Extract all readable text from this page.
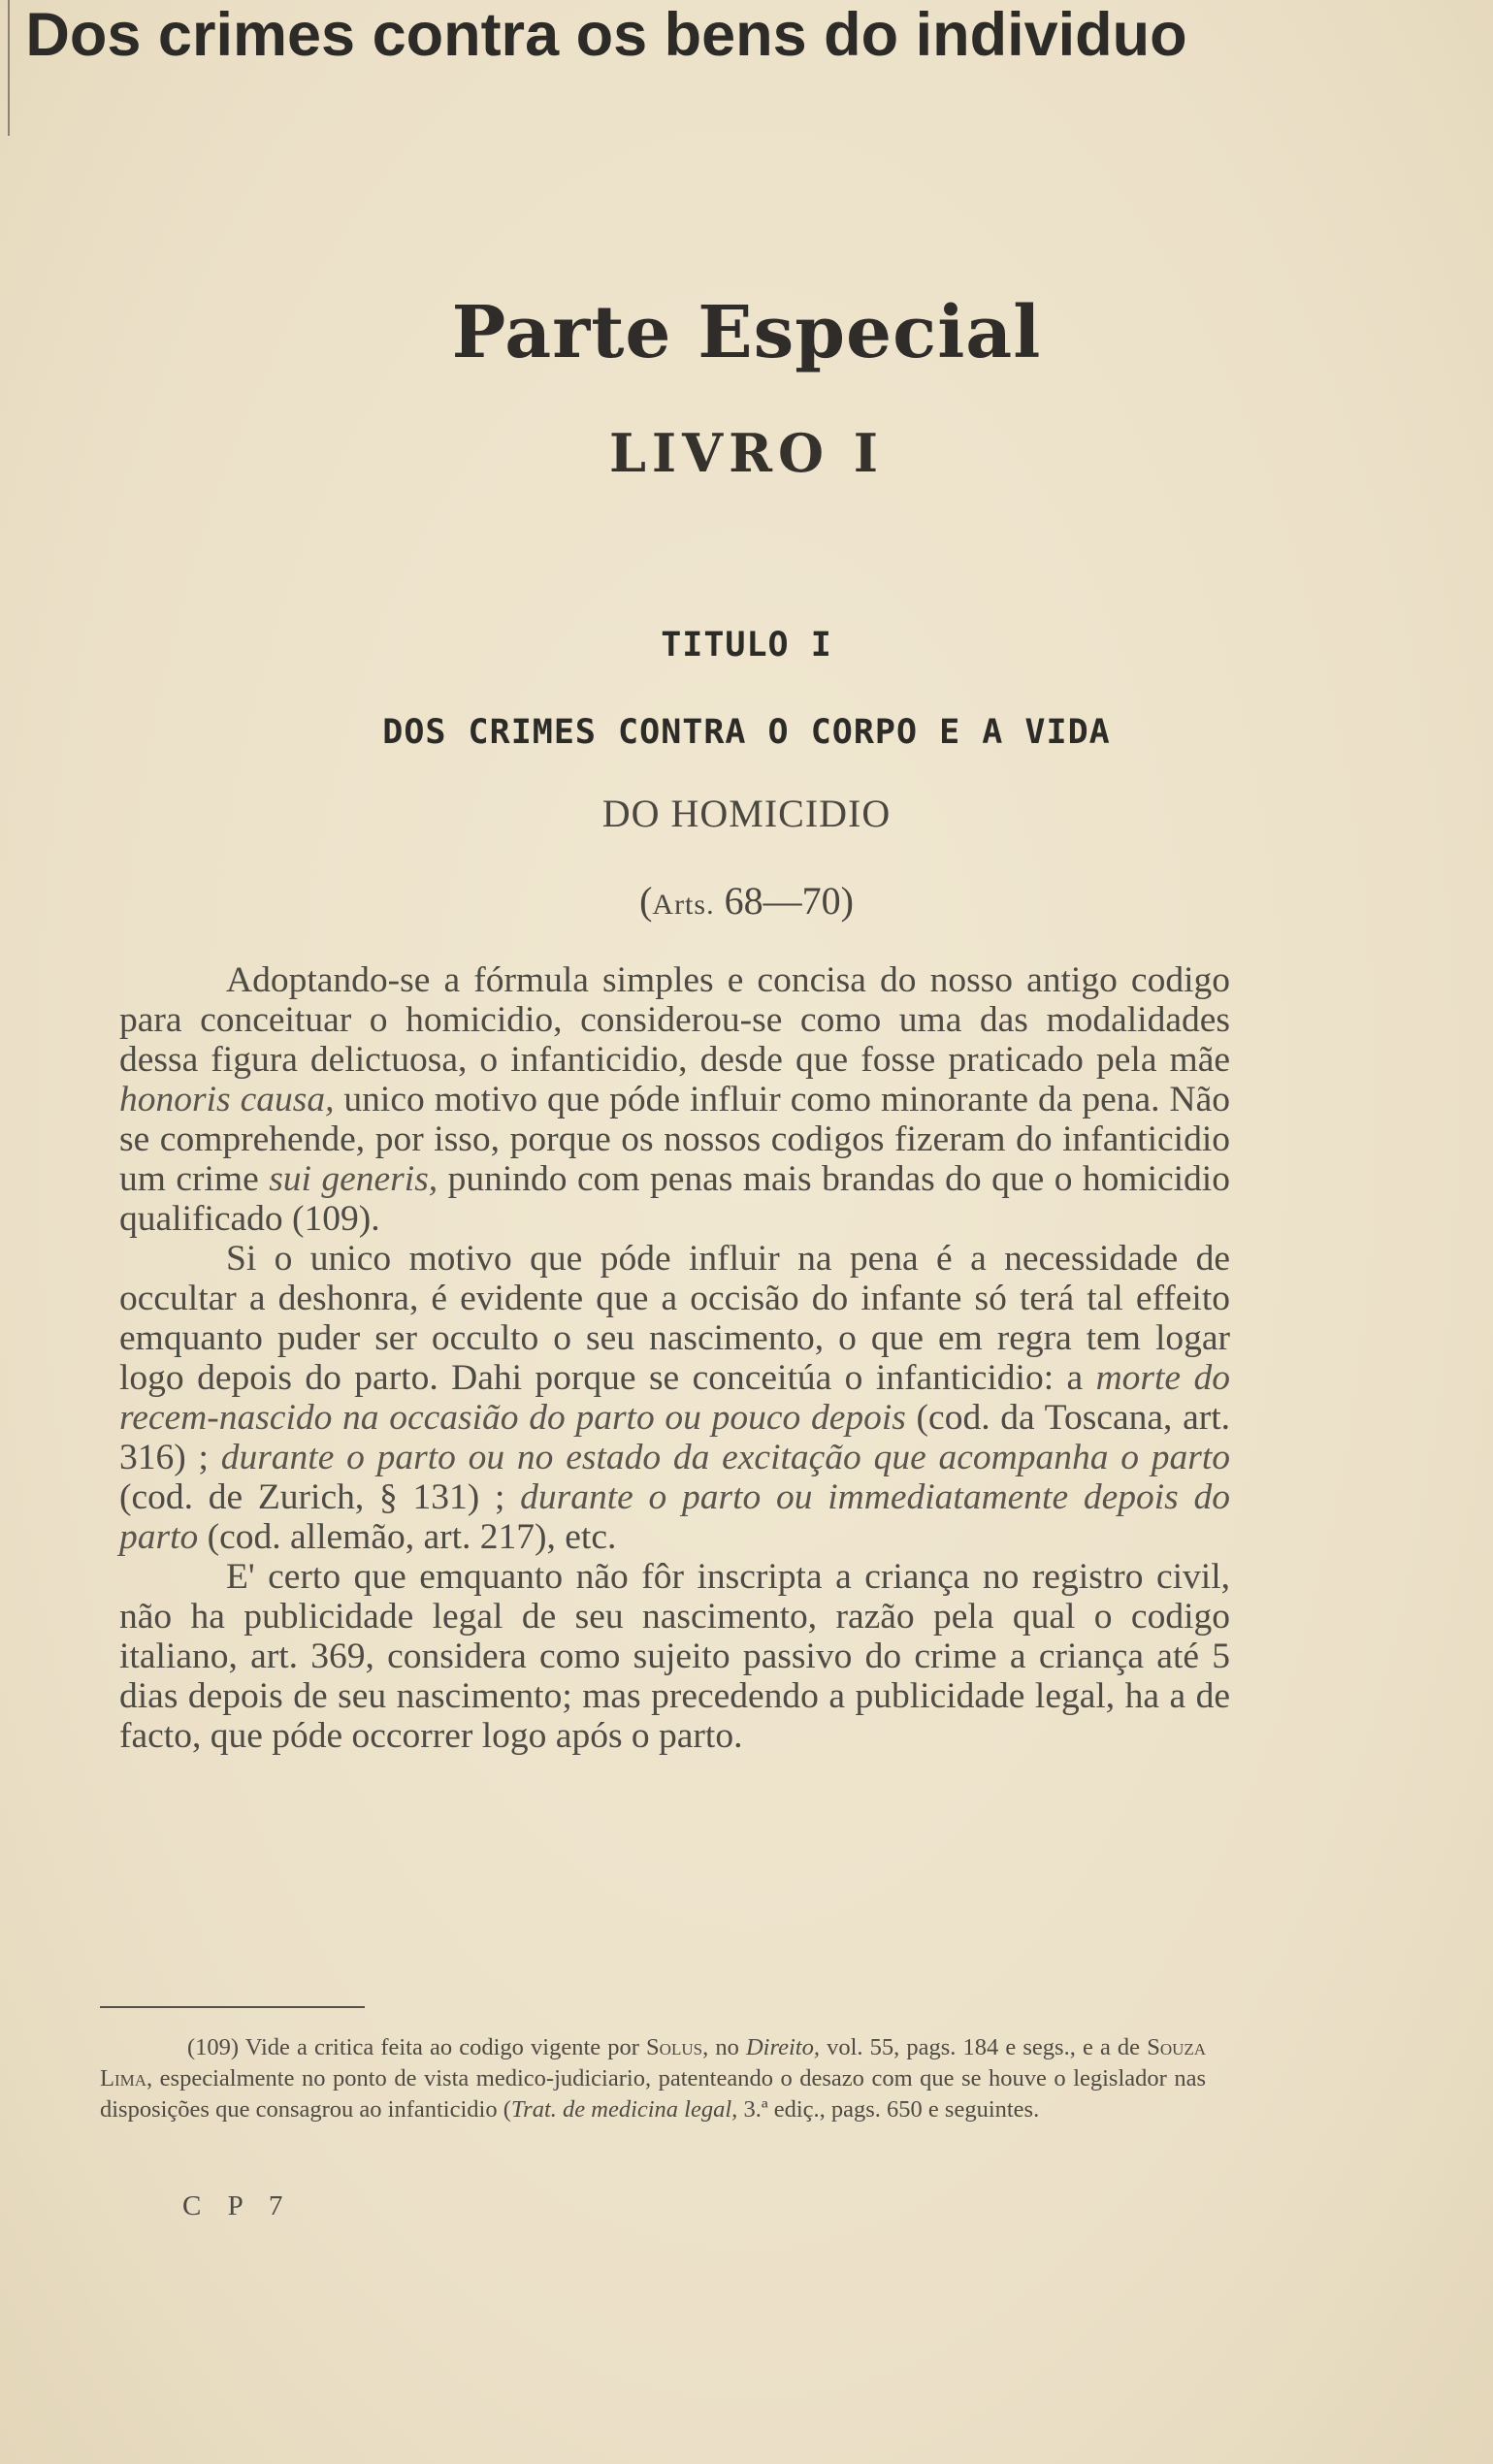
Parte Especial
LIVRO I
Dos crimes contra os bens do individuo
TITULO I
DOS CRIMES CONTRA O CORPO E A VIDA
DO HOMICIDIO
(Arts. 68—70)

Adoptando-se a fórmula simples e concisa do nosso antigo codigo para conceituar o homicidio, considerou-se como uma das modalidades dessa figura delictuosa, o infanticidio, desde que fosse praticado pela mãe honoris causa, unico motivo que póde influir como minorante da pena. Não se comprehende, por isso, porque os nossos codigos fizeram do infanticidio um crime sui generis, punindo com penas mais brandas do que o homicidio qualificado (109).

Si o unico motivo que póde influir na pena é a necessidade de occultar a deshonra, é evidente que a occisão do infante só terá tal effeito emquanto puder ser occulto o seu nascimento, o que em regra tem logar logo depois do parto. Dahi porque se conceitúa o infanticidio: a morte do recem-nascido na occasião do parto ou pouco depois (cod. da Toscana, art. 316) ; durante o parto ou no estado da excitação que acompanha o parto (cod. de Zurich, § 131) ; durante o parto ou immediatamente depois do parto (cod. allemão, art. 217), etc.

E' certo que emquanto não fôr inscripta a criança no registro civil, não ha publicidade legal de seu nascimento, razão pela qual o codigo italiano, art. 369, considera como sujeito passivo do crime a criança até 5 dias depois de seu nascimento; mas precedendo a publicidade legal, ha a de facto, que póde occorrer logo após o parto.

(109) Vide a critica feita ao codigo vigente por Solus, no Direito, vol. 55, pags. 184 e segs., e a de Souza Lima, especialmente no ponto de vista medico-judiciario, patenteando o desazo com que se houve o legislador nas disposições que consagrou ao infanticidio (Trat. de medicina legal, 3.ª ediç., pags. 650 e seguintes.

C P 7
